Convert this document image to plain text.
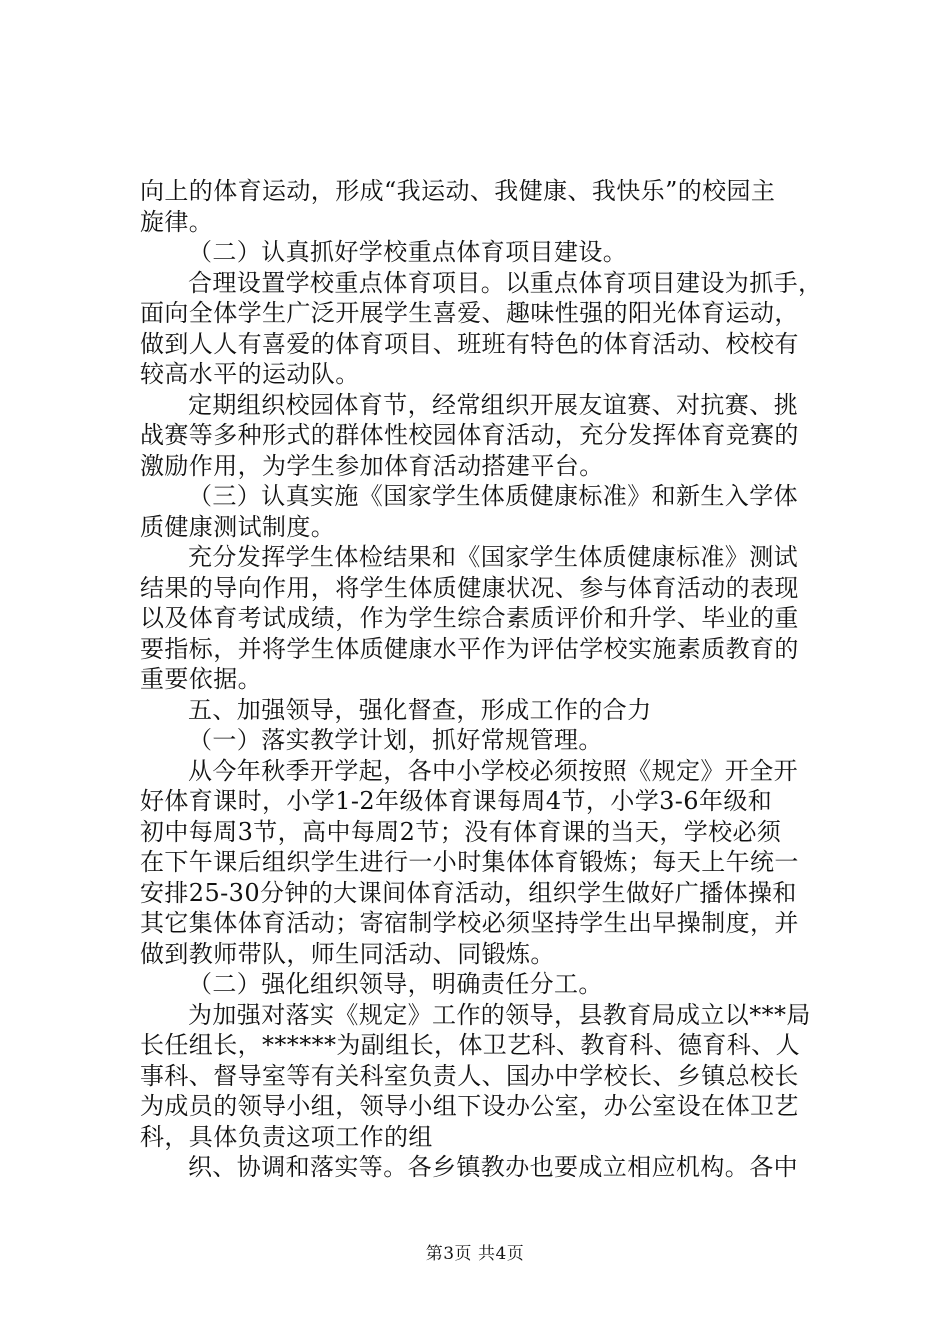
向上的体育运动，形成“我运动、我健康、我快乐”的校园主
旋律。
（二）认真抓好学校重点体育项目建设。
合理设置学校重点体育项目。以重点体育项目建设为抓手，
面向全体学生广泛开展学生喜爱、趣味性强的阳光体育运动，
做到人人有喜爱的体育项目、班班有特色的体育活动、校校有
较高水平的运动队。
定期组织校园体育节，经常组织开展友谊赛、对抗赛、挑
战赛等多种形式的群体性校园体育活动，充分发挥体育竞赛的
激励作用，为学生参加体育活动搭建平台。
（三）认真实施《国家学生体质健康标准》和新生入学体
质健康测试制度。
充分发挥学生体检结果和《国家学生体质健康标准》测试
结果的导向作用，将学生体质健康状况、参与体育活动的表现
以及体育考试成绩，作为学生综合素质评价和升学、毕业的重
要指标，并将学生体质健康水平作为评估学校实施素质教育的
重要依据。
五、加强领导，强化督查，形成工作的合力
（一）落实教学计划，抓好常规管理。
从今年秋季开学起，各中小学校必须按照《规定》开全开
好体育课时，小学1-2年级体育课每周4节，小学3-6年级和
初中每周3节，高中每周2节；没有体育课的当天，学校必须
在下午课后组织学生进行一小时集体体育锻炼；每天上午统一
安排25-30分钟的大课间体育活动，组织学生做好广播体操和
其它集体体育活动；寄宿制学校必须坚持学生出早操制度，并
做到教师带队，师生同活动、同锻炼。
（二）强化组织领导，明确责任分工。
为加强对落实《规定》工作的领导，县教育局成立以***局
长任组长，******为副组长，体卫艺科、教育科、德育科、人
事科、督导室等有关科室负责人、国办中学校长、乡镇总校长
为成员的领导小组，领导小组下设办公室，办公室设在体卫艺
科，具体负责这项工作的组
织、协调和落实等。各乡镇教办也要成立相应机构。各中
第3页 共4页
